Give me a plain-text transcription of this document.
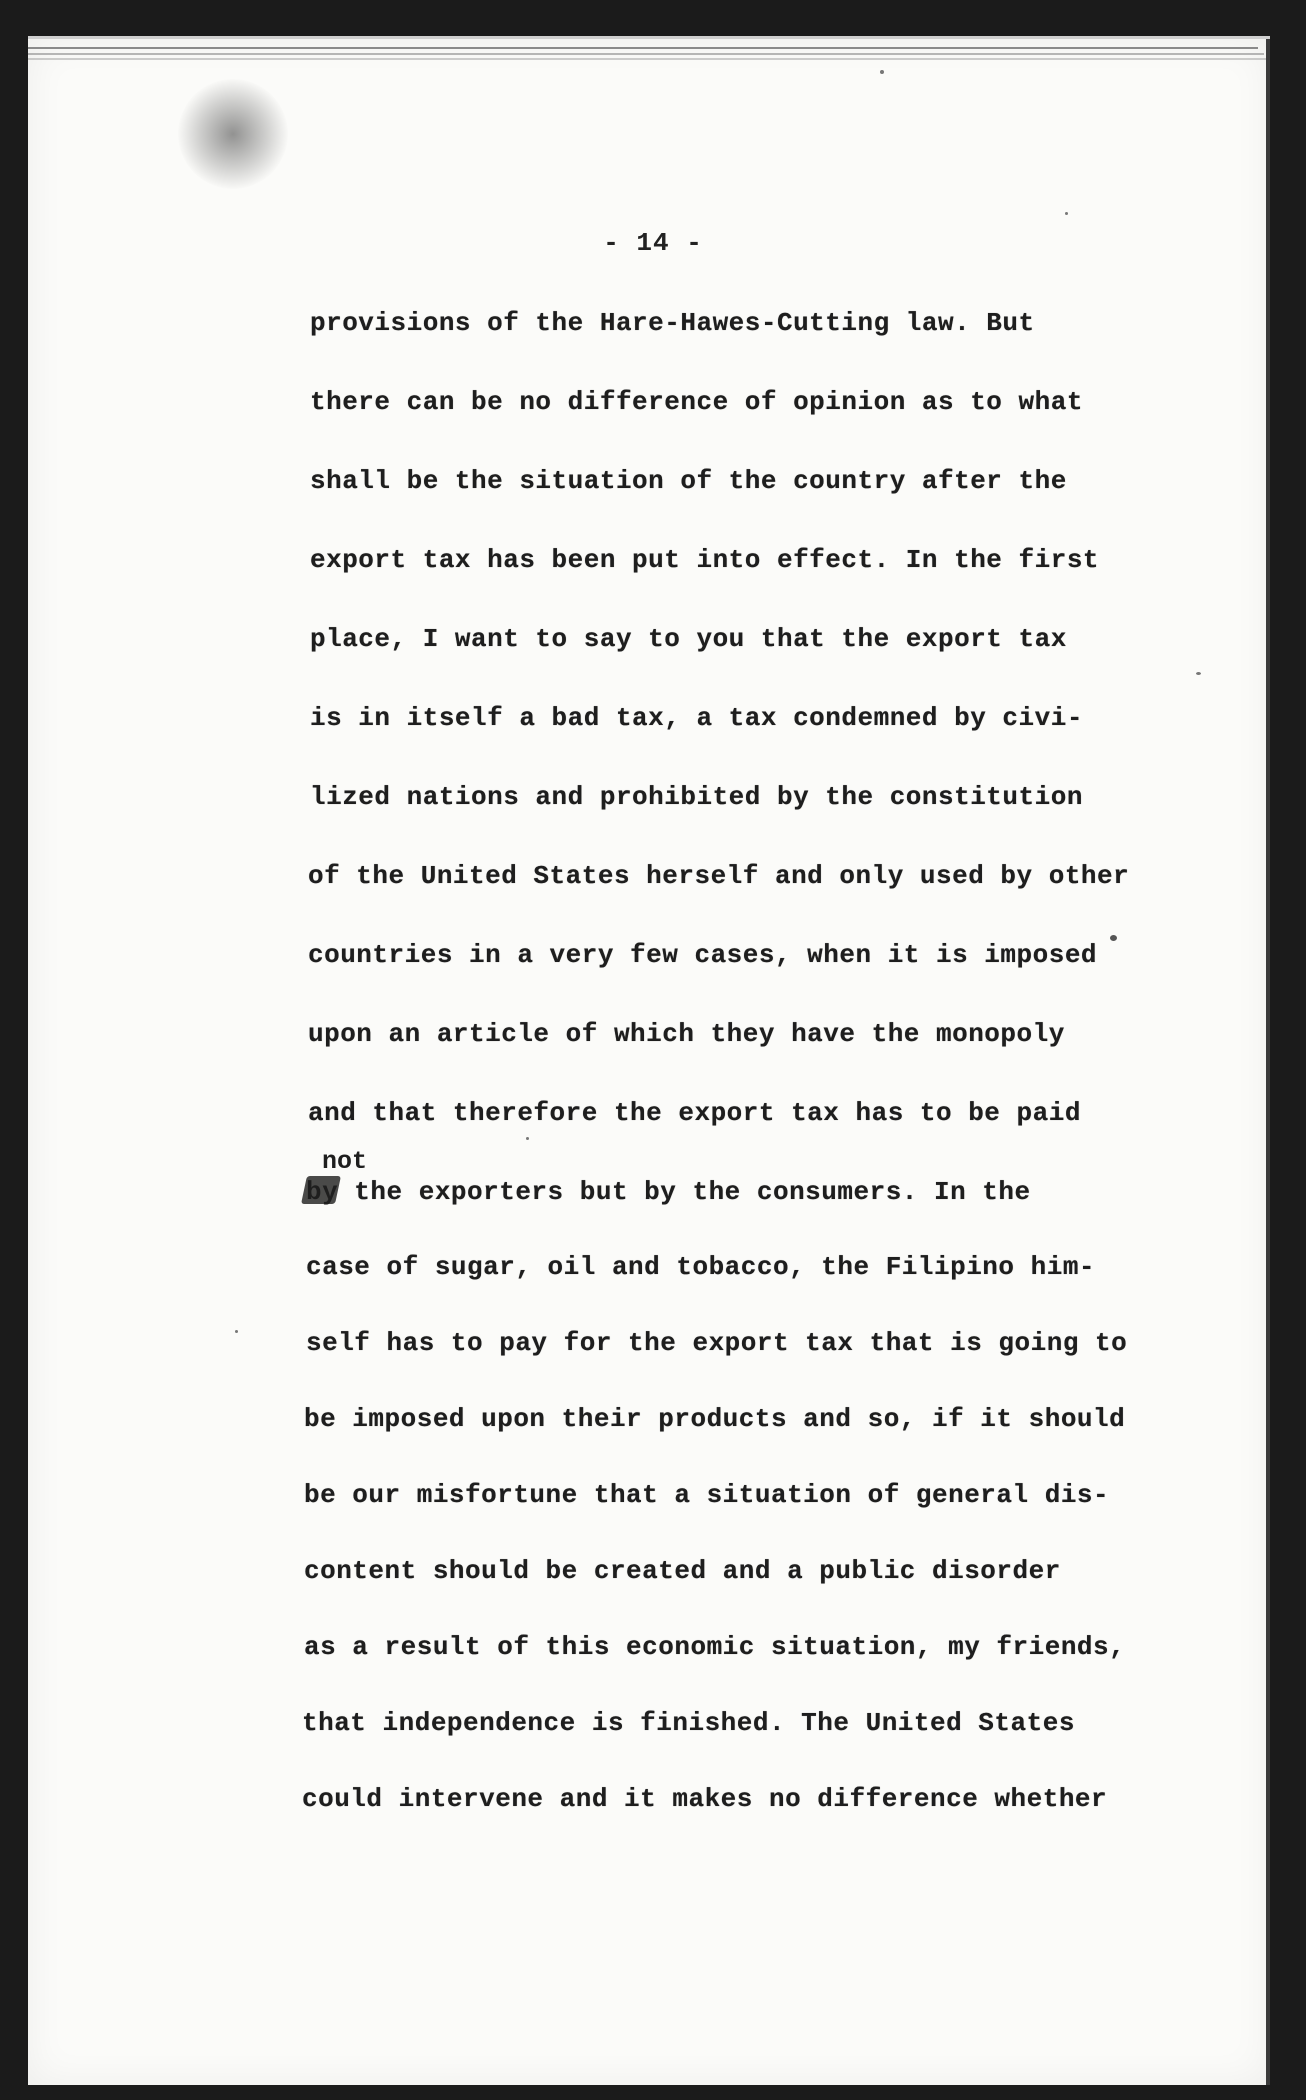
- 14 -
provisions of the Hare-Hawes-Cutting law. But
there can be no difference of opinion as to what
shall be the situation of the country after the
export tax has been put into effect. In the first
place, I want to say to you that the export tax
is in itself a bad tax, a tax condemned by civi-
lized nations and prohibited by the constitution
of the United States herself and only used by other
countries in a very few cases, when it is imposed
upon an article of which they have the monopoly
and that therefore the export tax has to be paid
not
by the exporters but by the consumers. In the
case of sugar, oil and tobacco, the Filipino him-
self has to pay for the export tax that is going to
be imposed upon their products and so, if it should
be our misfortune that a situation of general dis-
content should be created and a public disorder
as a result of this economic situation, my friends,
that independence is finished. The United States
could intervene and it makes no difference whether
